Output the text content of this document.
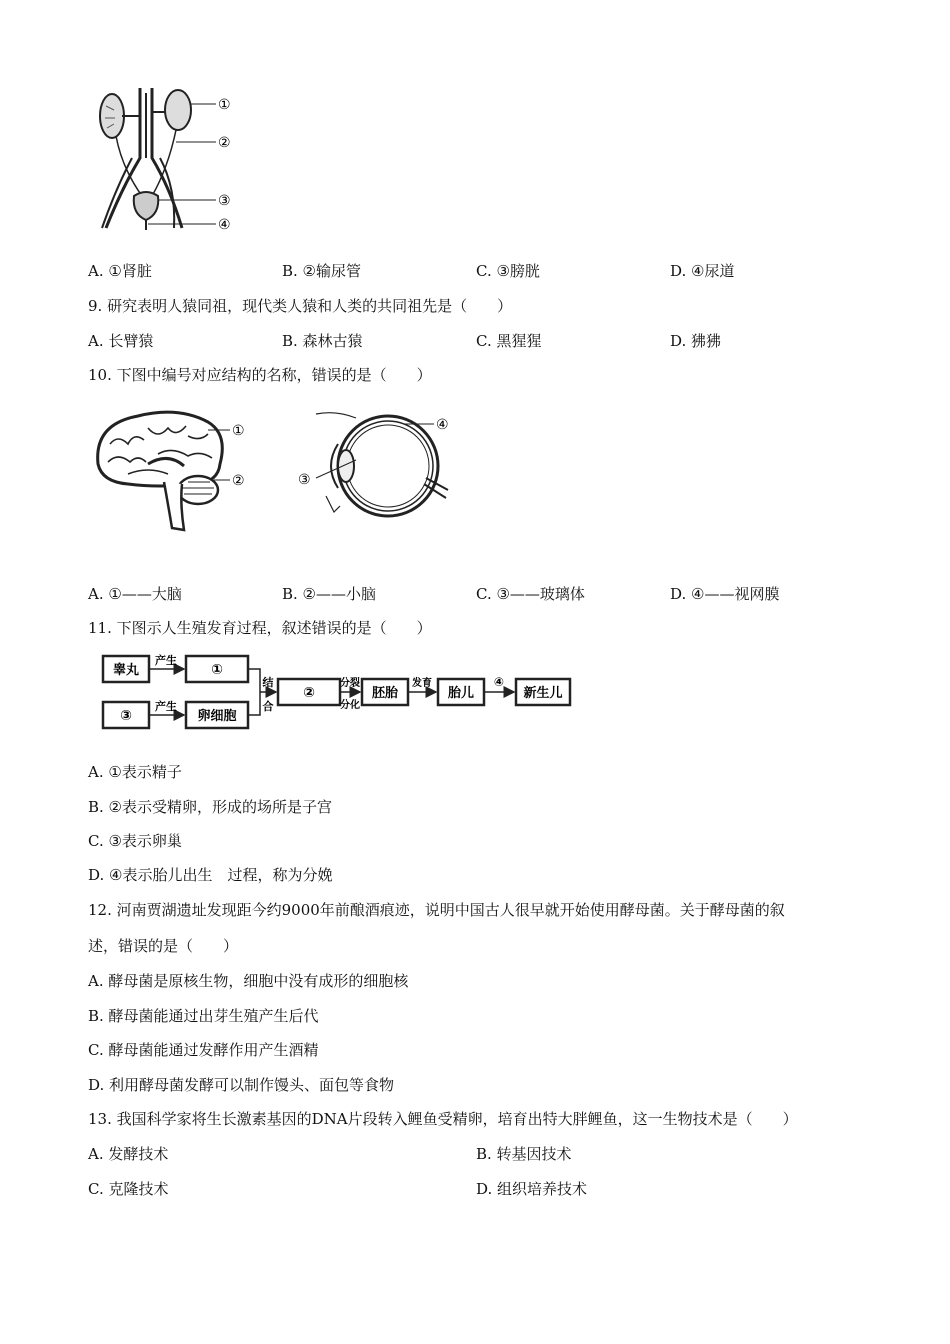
①
②
③
④
A. ①肾脏	B. ②输尿管	C. ③膀胱	D. ④尿道
9. 研究表明人猿同祖，现代类人猿和人类的共同祖先是（　　）
A. 长臂猿	B. 森林古猿	C. 黑猩猩	D. 狒狒
10. 下图中编号对应结构的名称，错误的是（　　）
①
②
④
③
A. ①——大脑	B. ②——小脑	C. ③——玻璃体	D. ④——视网膜
11. 下图示人生殖发育过程，叙述错误的是（　　）
睾丸	①
③	卵细胞
②	胚胎	胎儿	新生儿
产生
产生
结
合
分裂
分化
发育	④
A. ①表示精子
B. ②表示受精卵，形成的场所是子宫
C. ③表示卵巢
D. ④表示胎儿出生　过程，称为分娩
12. 河南贾湖遗址发现距今约9000年前酿酒痕迹，说明中国古人很早就开始使用酵母菌。关于酵母菌的叙
述，错误的是（　　）
A. 酵母菌是原核生物，细胞中没有成形的细胞核
B. 酵母菌能通过出芽生殖产生后代
C. 酵母菌能通过发酵作用产生酒精
D. 利用酵母菌发酵可以制作馒头、面包等食物
13. 我国科学家将生长激素基因的DNA片段转入鲤鱼受精卵，培育出特大胖鲤鱼，这一生物技术是（　　）
A. 发酵技术	B. 转基因技术
C. 克隆技术	D. 组织培养技术
